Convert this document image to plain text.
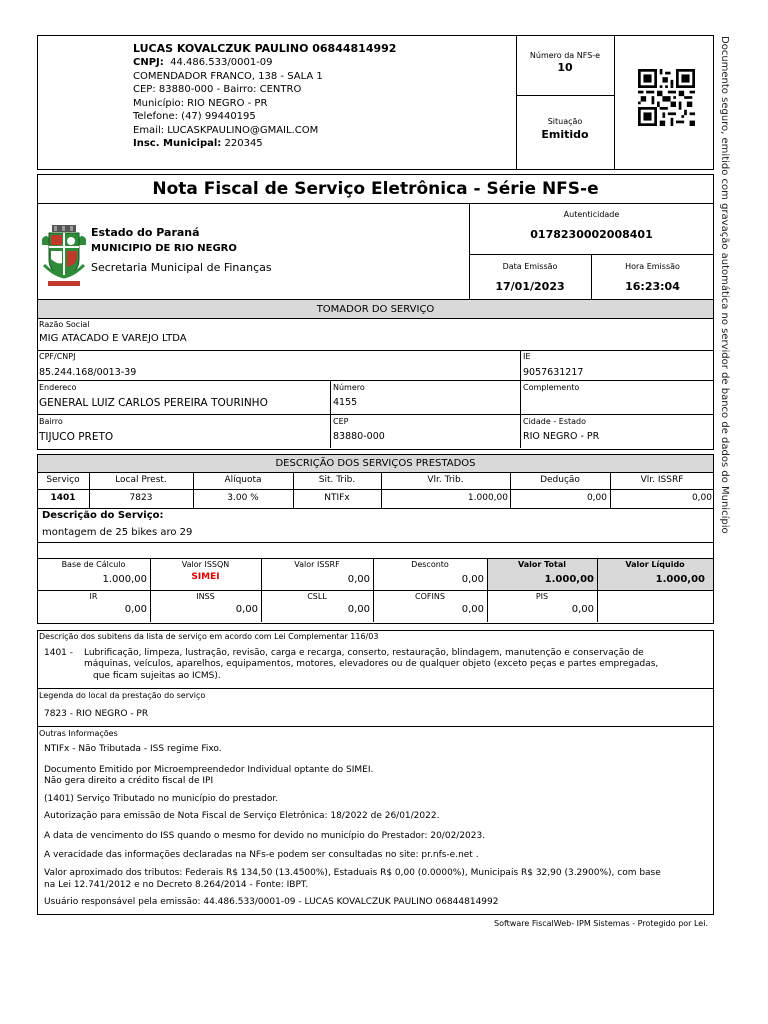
LUCAS KOVALCZUK PAULINO 06844814992
CNPJ: 44.486.533/0001-09
COMENDADOR FRANCO, 138 - SALA 1
CEP: 83880-000 - Bairro: CENTRO
Município: RIO NEGRO - PR
Telefone: (47) 99440195
Email: LUCASKPAULINO@GMAIL.COM
Insc. Municipal: 220345
Número da NFS-e
10
Situação
Emitido	Documento seguro, emitido com gravação automática no servidor de banco de dados do Município
Nota Fiscal de Serviço Eletrônica - Série NFS-e
Estado do Paraná
MUNICIPIO DE RIO NEGRO
Secretaria Municipal de Finanças
Autenticidade
0178230002008401
Data Emissão
17/01/2023
Hora Emissão
16:23:04
TOMADOR DO SERVIÇO
Razão Social
MIG ATACADO E VAREJO LTDA
CPF/CNPJ
85.244.168/0013-39
IE
9057631217
Endereco
GENERAL LUIZ CARLOS PEREIRA TOURINHO
Número
4155
Complemento
Bairro
TIJUCO PRETO
CEP
83880-000
Cidade - Estado
RIO NEGRO - PR
DESCRIÇÃO DOS SERVIÇOS PRESTADOS
Serviço	Local Prest.	Alíquota	Sit. Trib.	Vlr. Trib.	Dedução	Vlr. ISSRF
1401	7823	3.00 %	NTIFx	1.000,00	0,00	0,00
Descrição do Serviço:
montagem de 25 bikes aro 29
Base de Cálculo	Valor ISSQN	Valor ISSRF	Desconto	Valor Total	Valor Líquido
1.000,00	SIMEI	0,00	0,00	1.000,00	1.000,00
IR	INSS	CSLL	COFINS	PIS
0,00	0,00	0,00	0,00	0,00
Descrição dos subitens da lista de serviço em acordo com Lei Complementar 116/03
1401 - Lubrificação, limpeza, lustração, revisão, carga e recarga, conserto, restauração, blindagem, manutenção e conservação de
máquinas, veículos, aparelhos, equipamentos, motores, elevadores ou de qualquer objeto (exceto peças e partes empregadas,
que ficam sujeitas ao ICMS).
Legenda do local da prestação do serviço
7823 - RIO NEGRO - PR
Outras Informações
NTIFx - Não Tributada - ISS regime Fixo.
Documento Emitido por Microempreendedor Individual optante do SIMEI.
Não gera direito a crédito fiscal de IPI
(1401) Serviço Tributado no município do prestador.
Autorização para emissão de Nota Fiscal de Serviço Eletrônica: 18/2022 de 26/01/2022.
A data de vencimento do ISS quando o mesmo for devido no município do Prestador: 20/02/2023.
A veracidade das informações declaradas na NFs-e podem ser consultadas no site: pr.nfs-e.net .
Valor aproximado dos tributos: Federais R$ 134,50 (13.4500%), Estaduais R$ 0,00 (0.0000%), Municipais R$ 32,90 (3.2900%), com base
na Lei 12.741/2012 e no Decreto 8.264/2014 - Fonte: IBPT.
Usuário responsável pela emissão: 44.486.533/0001-09 - LUCAS KOVALCZUK PAULINO 06844814992
Software FiscalWeb- IPM Sistemas - Protegido por Lei.
